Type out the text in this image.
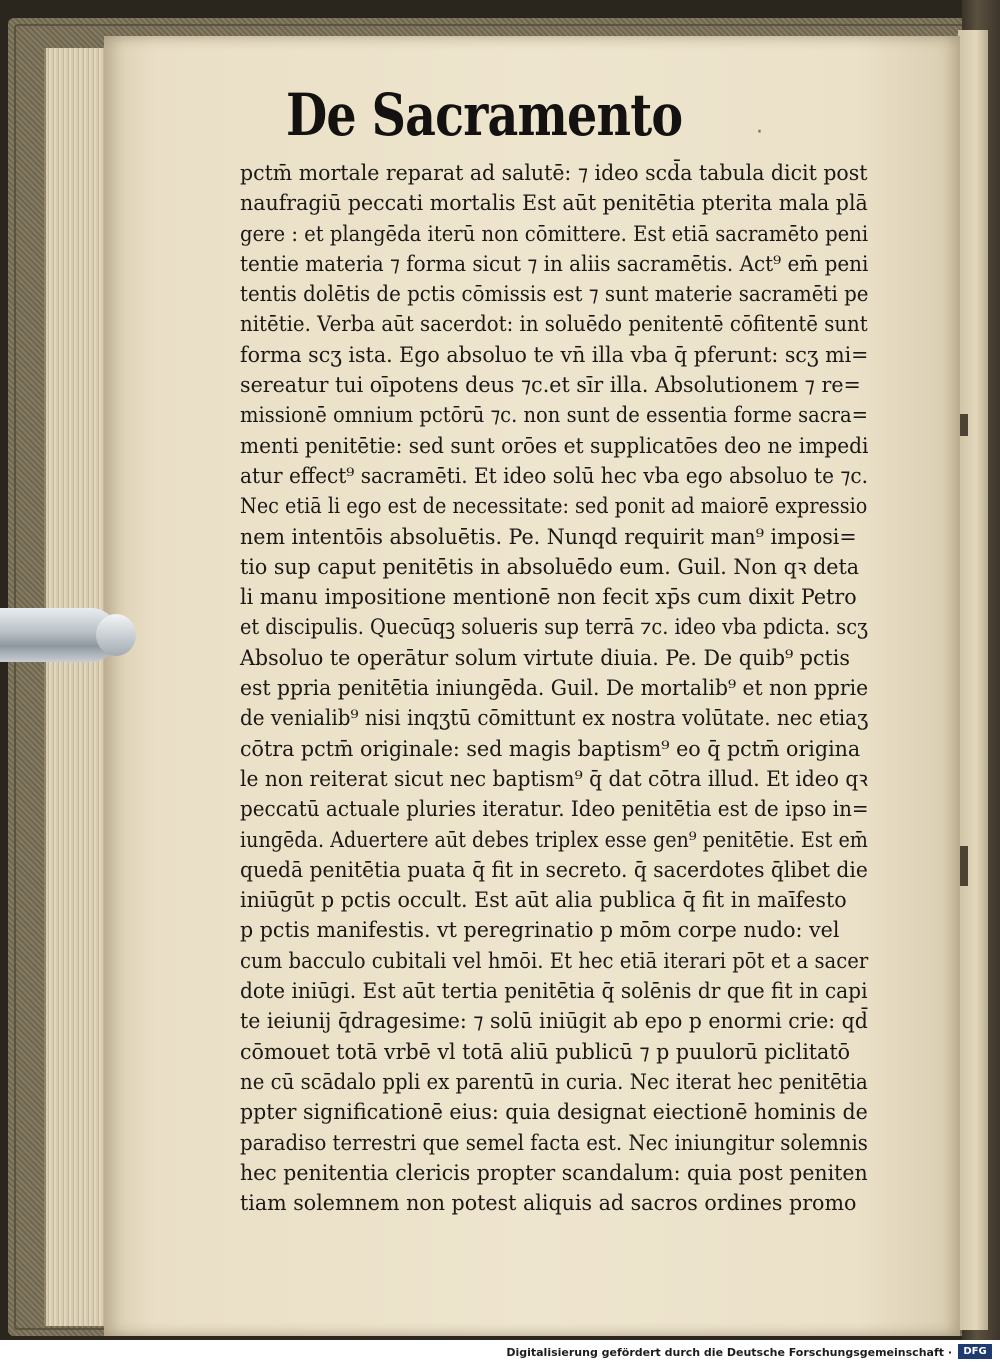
De Sacramento	·
pctm̄ mortale reparat ad salutē: ⁊ ideo scd̄a tabula dicit post
naufragiū peccati mortalis Est aūt penitētia pterita mala plā
gere : et plangēda iterū non cōmittere. Est etiā sacramēto peni
tentie materia ⁊ forma sicut ⁊ in aliis sacramētis. Act⁹ em̄ peni
tentis dolētis de pctis cōmissis est ⁊ sunt materie sacramēti pe
nitētie. Verba aūt sacerdot: in soluēdo penitentē cōfitentē sunt
forma scʒ ista. Ego absoluo te vn̄ illa vba q̄ pferunt: scʒ mi=
sereatur tui oīpotens deus ⁊c.et sīr illa. Absolutionem ⁊ re=
missionē omnium pctōrū ⁊c. non sunt de essentia forme sacra=
menti penitētie: sed sunt orōes et supplicatōes deo ne impedi
atur effect⁹ sacramēti. Et ideo solū hec vba ego absoluo te ⁊c.
Nec etiā li ego est de necessitate: sed ponit ad maiorē expressio
nem intentōis absoluētis. Pe. Nunqd requirit man⁹ imposi=
tio sup caput penitētis in absoluēdo eum. Guil. Non qꝛ deta
li manu impositione mentionē non fecit xp̄s cum dixit Petro
et discipulis. Quecūqꝫ solueris sup terrā ⁊c. ideo vba pdicta. scʒ
Absoluo te operātur solum virtute diuia. Pe. De quib⁹ pctis
est ppria penitētia iniungēda. Guil. De mortalib⁹ et non pprie
de venialib⁹ nisi inqʒtū cōmittunt ex nostra volūtate. nec etiaʒ
cōtra pctm̄ originale: sed magis baptism⁹ eo q̄ pctm̄ origina
le non reiterat sicut nec baptism⁹ q̄ dat cōtra illud. Et ideo qꝛ
peccatū actuale pluries iteratur. Ideo penitētia est de ipso in=
iungēda. Aduertere aūt debes triplex esse gen⁹ penitētie. Est em̄
quedā penitētia puata q̄ fit in secreto. q̄ sacerdotes q̄libet die
iniūgūt p pctis occult. Est aūt alia publica q̄ fit in maīfesto
p pctis manifestis. vt peregrinatio p mōm corpe nudo: vel
cum bacculo cubitali vel hmōi. Et hec etiā iterari pōt et a sacer
dote iniūgi. Est aūt tertia penitētia q̄ solēnis dr que fit in capi
te ieiunij q̄dragesime: ⁊ solū iniūgit ab epo p enormi crie: qd̄
cōmouet totā vrbē vl totā aliū publicū ⁊ p puulorū piclitatō
ne cū scādalo ppli ex parentū in curia. Nec iterat hec penitētia
ppter significationē eius: quia designat eiectionē hominis de
paradiso terrestri que semel facta est. Nec iniungitur solemnis
hec penitentia clericis propter scandalum: quia post peniten
tiam solemnem non potest aliquis ad sacros ordines promo
Digitalisierung gefördert durch die Deutsche Forschungsgemeinschaft ·	DFG
